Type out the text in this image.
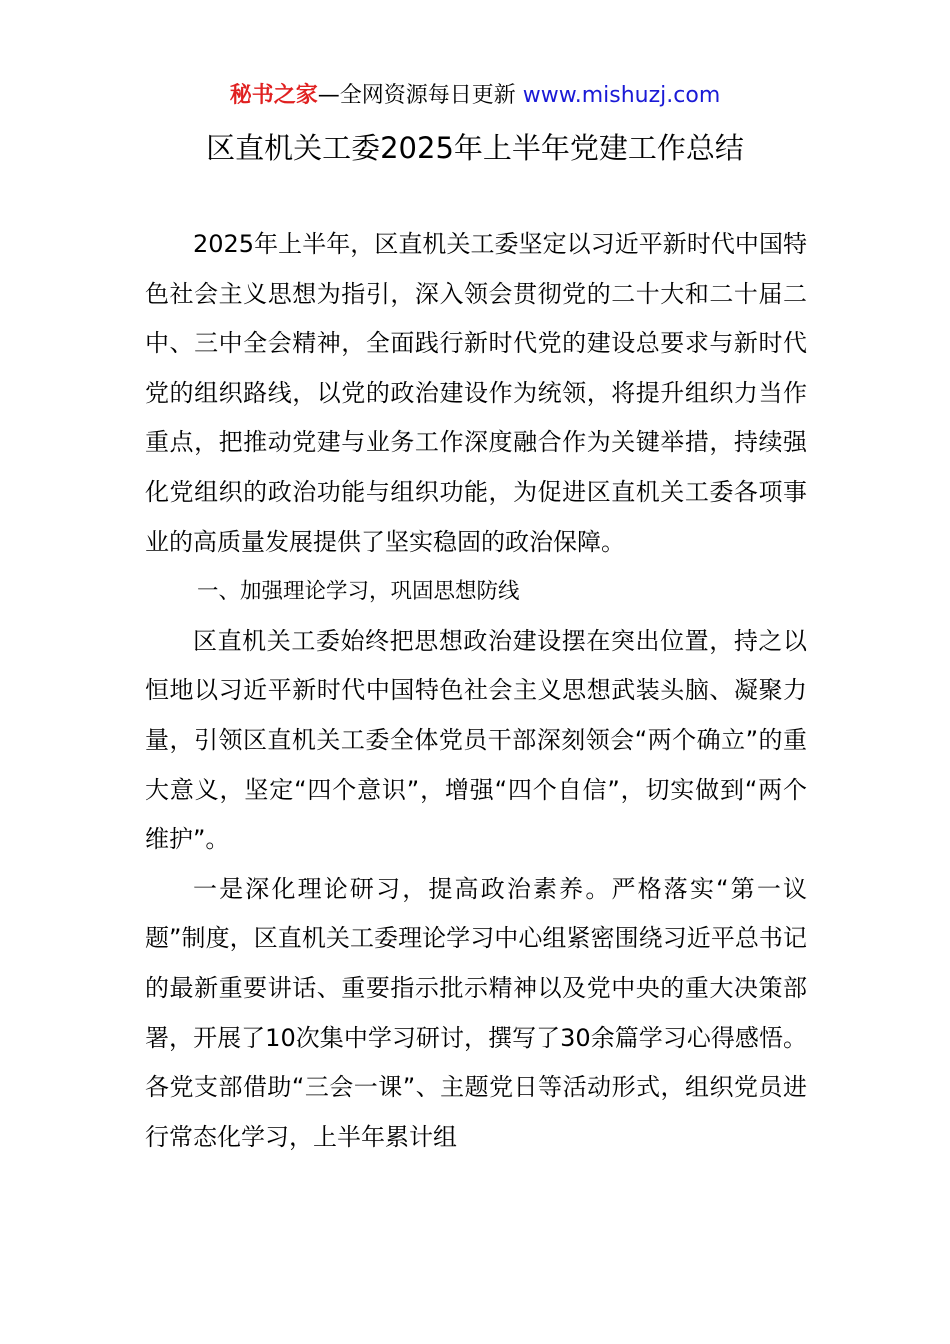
秘书之家—全网资源每日更新 www.mishuzj.com
区直机关工委2025年上半年党建工作总结

2025年上半年，区直机关工委坚定以习近平新时代中国特色社会主义思想为指引，深入领会贯彻党的二十大和二十届二中、三中全会精神，全面践行新时代党的建设总要求与新时代党的组织路线，以党的政治建设作为统领，将提升组织力当作重点，把推动党建与业务工作深度融合作为关键举措，持续强化党组织的政治功能与组织功能，为促进区直机关工委各项事业的高质量发展提供了坚实稳固的政治保障。

一、加强理论学习，巩固思想防线

区直机关工委始终把思想政治建设摆在突出位置，持之以恒地以习近平新时代中国特色社会主义思想武装头脑、凝聚力量，引领区直机关工委全体党员干部深刻领会“两个确立”的重大意义，坚定“四个意识”，增强“四个自信”，切实做到“两个维护”。

一是深化理论研习，提高政治素养。严格落实“第一议题”制度，区直机关工委理论学习中心组紧密围绕习近平总书记的最新重要讲话、重要指示批示精神以及党中央的重大决策部署，开展了10次集中学习研讨，撰写了30余篇学习心得感悟。各党支部借助“三会一课”、主题党日等活动形式，组织党员进行常态化学习，上半年累计组
